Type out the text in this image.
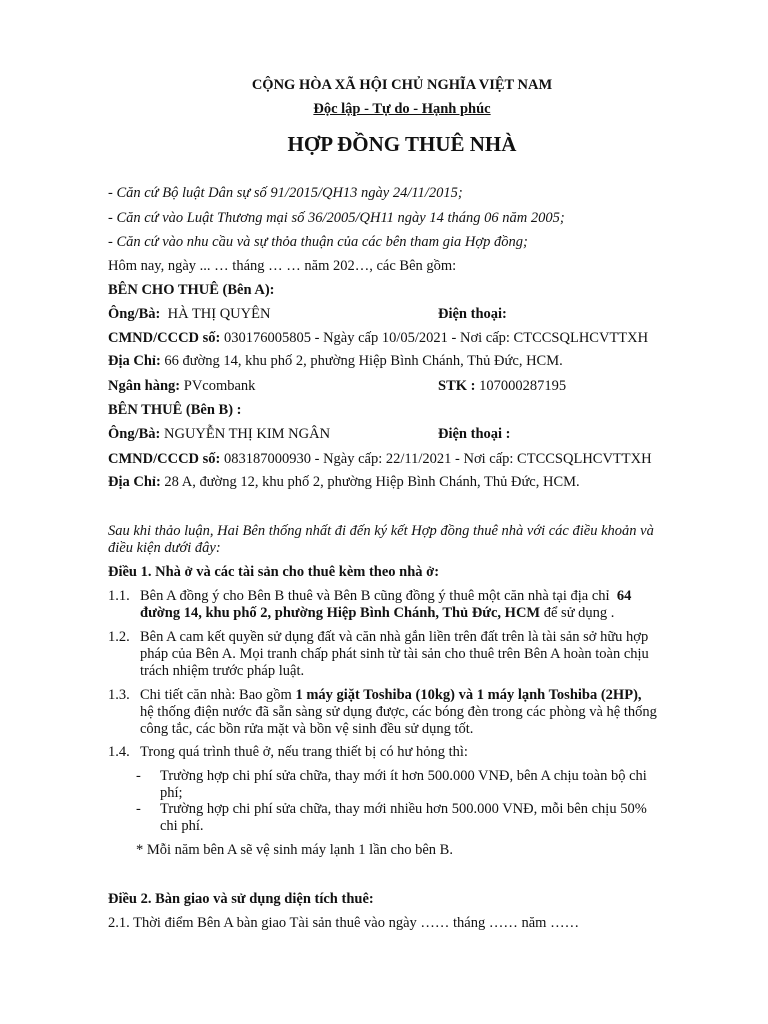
CỘNG HÒA XÃ HỘI CHỦ NGHĨA VIỆT NAM
Độc lập - Tự do - Hạnh phúc
HỢP ĐỒNG THUÊ NHÀ
- Căn cứ Bộ luật Dân sự số 91/2015/QH13 ngày 24/11/2015;
- Căn cứ vào Luật Thương mại số 36/2005/QH11 ngày 14 tháng 06 năm 2005;
- Căn cứ vào nhu cầu và sự thỏa thuận của các bên tham gia Hợp đồng;
Hôm nay, ngày ... … tháng … … năm 202…, các Bên gồm:
BÊN CHO THUÊ (Bên A):
Ông/Bà: HÀ THỊ QUYÊN	Điện thoại:
CMND/CCCD số: 030176005805 - Ngày cấp 10/05/2021 - Nơi cấp: CTCCSQLHCVTTXH
Địa Chỉ: 66 đường 14, khu phố 2, phường Hiệp Bình Chánh, Thủ Đức, HCM.
Ngân hàng: PVcombank	STK : 107000287195
BÊN THUÊ (Bên B) :
Ông/Bà: NGUYỄN THỊ KIM NGÂN	Điện thoại :
CMND/CCCD số: 083187000930 - Ngày cấp: 22/11/2021 - Nơi cấp: CTCCSQLHCVTTXH
Địa Chỉ: 28 A, đường 12, khu phố 2, phường Hiệp Bình Chánh, Thủ Đức, HCM.
Sau khi thảo luận, Hai Bên thống nhất đi đến ký kết Hợp đồng thuê nhà với các điều khoản và
điều kiện dưới đây:
Điều 1. Nhà ở và các tài sản cho thuê kèm theo nhà ở:
1.1. Bên A đồng ý cho Bên B thuê và Bên B cũng đồng ý thuê một căn nhà tại địa chỉ 64
đường 14, khu phố 2, phường Hiệp Bình Chánh, Thủ Đức, HCM để sử dụng .
1.2. Bên A cam kết quyền sử dụng đất và căn nhà gắn liền trên đất trên là tài sản sở hữu hợp
pháp của Bên A. Mọi tranh chấp phát sinh từ tài sản cho thuê trên Bên A hoàn toàn chịu
trách nhiệm trước pháp luật.
1.3. Chi tiết căn nhà: Bao gồm 1 máy giặt Toshiba (10kg) và 1 máy lạnh Toshiba (2HP),
hệ thống điện nước đã sẵn sàng sử dụng được, các bóng đèn trong các phòng và hệ thống
công tắc, các bồn rửa mặt và bồn vệ sinh đều sử dụng tốt.
1.4. Trong quá trình thuê ở, nếu trang thiết bị có hư hỏng thì:
- Trường hợp chi phí sửa chữa, thay mới ít hơn 500.000 VNĐ, bên A chịu toàn bộ chi
phí;
- Trường hợp chi phí sửa chữa, thay mới nhiều hơn 500.000 VNĐ, mỗi bên chịu 50%
chi phí.
* Mỗi năm bên A sẽ vệ sinh máy lạnh 1 lần cho bên B.
Điều 2. Bàn giao và sử dụng diện tích thuê:
2.1. Thời điểm Bên A bàn giao Tài sản thuê vào ngày …… tháng …… năm ……
